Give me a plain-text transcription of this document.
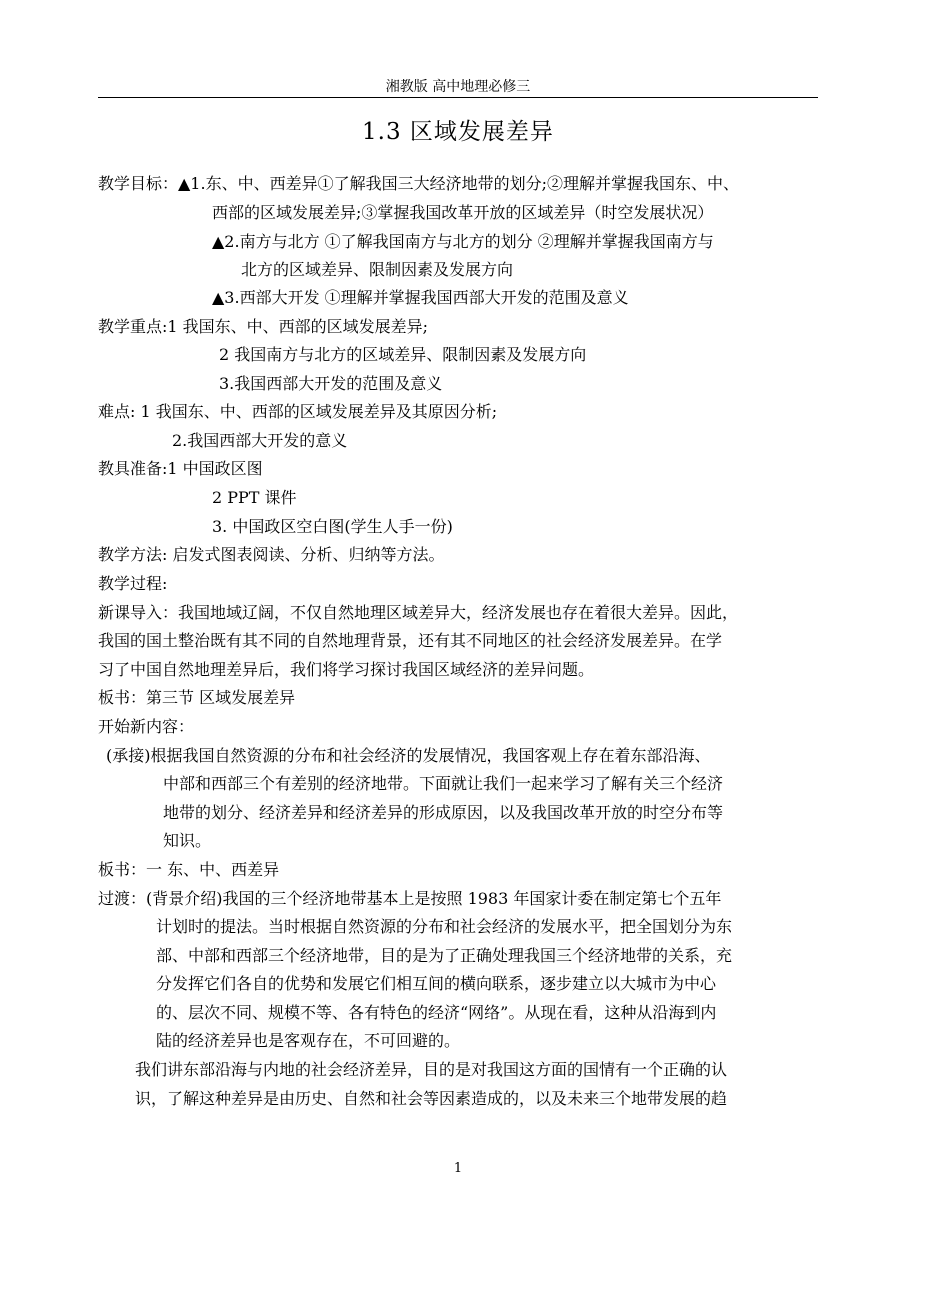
湘教版 高中地理必修三
1.3 区域发展差异
教学目标：▲1.东、中、西差异①了解我国三大经济地带的划分;②理解并掌握我国东、中、
西部的区域发展差异;③掌握我国改革开放的区域差异（时空发展状况）
▲2.南方与北方 ①了解我国南方与北方的划分 ②理解并掌握我国南方与
北方的区域差异、限制因素及发展方向
▲3.西部大开发 ①理解并掌握我国西部大开发的范围及意义
教学重点:1 我国东、中、西部的区域发展差异;
2 我国南方与北方的区域差异、限制因素及发展方向
3.我国西部大开发的范围及意义
难点: 1 我国东、中、西部的区域发展差异及其原因分析;
2.我国西部大开发的意义
教具准备:1 中国政区图
2 PPT 课件
3. 中国政区空白图(学生人手一份)
教学方法: 启发式图表阅读、分析、归纳等方法。
教学过程:
新课导入：我国地域辽阔，不仅自然地理区域差异大，经济发展也存在着很大差异。因此，
我国的国土整治既有其不同的自然地理背景，还有其不同地区的社会经济发展差异。在学
习了中国自然地理差异后，我们将学习探讨我国区域经济的差异问题。
板书：第三节 区域发展差异
开始新内容：
(承接)根据我国自然资源的分布和社会经济的发展情况，我国客观上存在着东部沿海、
中部和西部三个有差别的经济地带。下面就让我们一起来学习了解有关三个经济
地带的划分、经济差异和经济差异的形成原因，以及我国改革开放的时空分布等
知识。
板书：一 东、中、西差异
过渡：(背景介绍)我国的三个经济地带基本上是按照 1983 年国家计委在制定第七个五年
计划时的提法。当时根据自然资源的分布和社会经济的发展水平，把全国划分为东
部、中部和西部三个经济地带，目的是为了正确处理我国三个经济地带的关系，充
分发挥它们各自的优势和发展它们相互间的横向联系，逐步建立以大城市为中心
的、层次不同、规模不等、各有特色的经济“网络”。从现在看，这种从沿海到内
陆的经济差异也是客观存在，不可回避的。
我们讲东部沿海与内地的社会经济差异，目的是对我国这方面的国情有一个正确的认
识，了解这种差异是由历史、自然和社会等因素造成的，以及未来三个地带发展的趋
1
